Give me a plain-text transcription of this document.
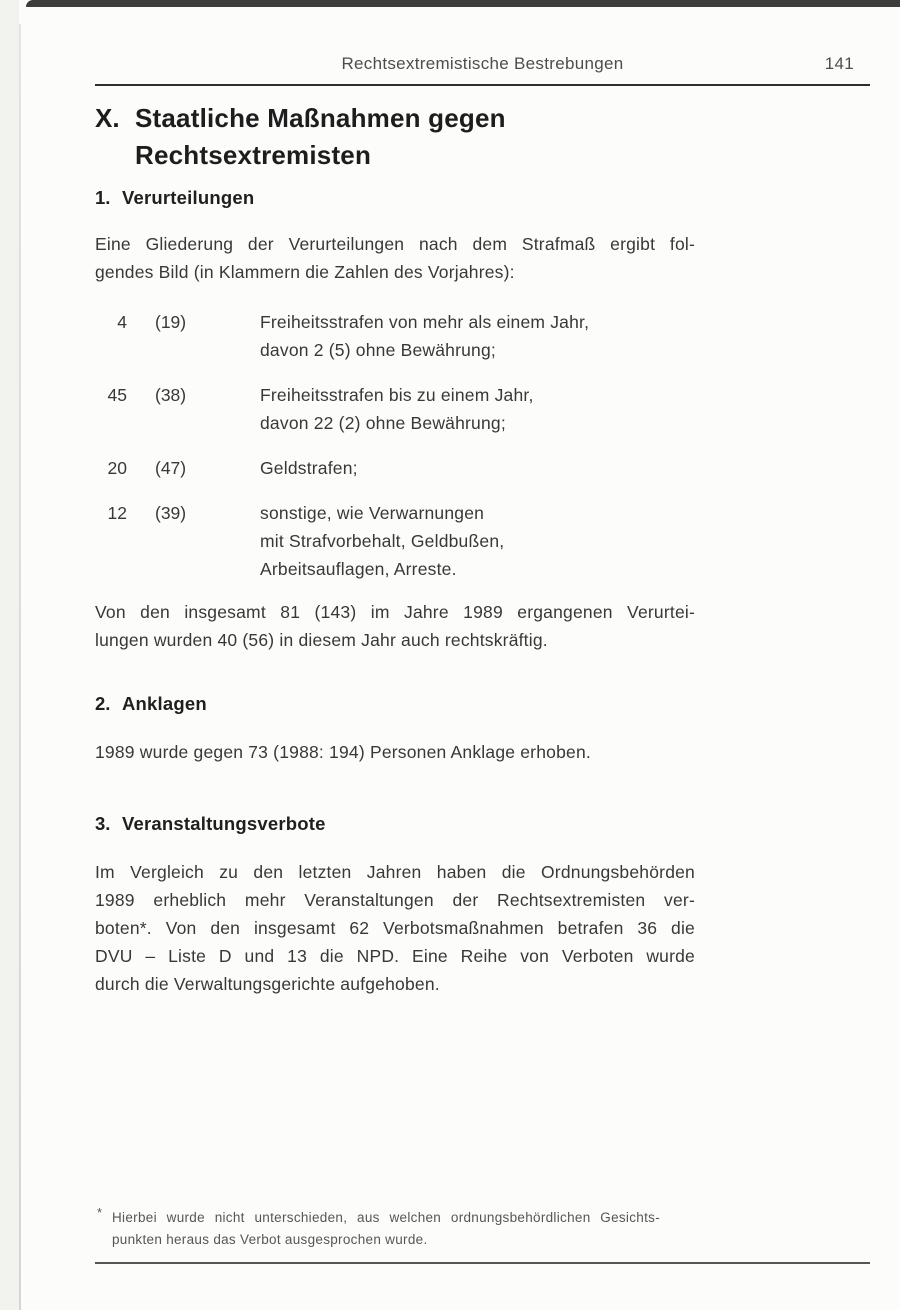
Rechtsextremistische Bestrebungen	141
X. Staatliche Maßnahmen gegen
Rechtsextremisten
1. Verurteilungen
Eine Gliederung der Verurteilungen nach dem Strafmaß ergibt fol-
gendes Bild (in Klammern die Zahlen des Vorjahres):
4 (19)	Freiheitsstrafen von mehr als einem Jahr,
davon 2 (5) ohne Bewährung;
45 (38)	Freiheitsstrafen bis zu einem Jahr,
davon 22 (2) ohne Bewährung;
20 (47)	Geldstrafen;
12 (39)	sonstige, wie Verwarnungen
mit Strafvorbehalt, Geldbußen,
Arbeitsauflagen, Arreste.
Von den insgesamt 81 (143) im Jahre 1989 ergangenen Verurtei-
lungen wurden 40 (56) in diesem Jahr auch rechtskräftig.
2. Anklagen
1989 wurde gegen 73 (1988: 194) Personen Anklage erhoben.
3. Veranstaltungsverbote
Im Vergleich zu den letzten Jahren haben die Ordnungsbehörden
1989 erheblich mehr Veranstaltungen der Rechtsextremisten ver-
boten*. Von den insgesamt 62 Verbotsmaßnahmen betrafen 36 die
DVU – Liste D und 13 die NPD. Eine Reihe von Verboten wurde
durch die Verwaltungsgerichte aufgehoben.
* Hierbei wurde nicht unterschieden, aus welchen ordnungsbehördlichen Gesichts-
punkten heraus das Verbot ausgesprochen wurde.
